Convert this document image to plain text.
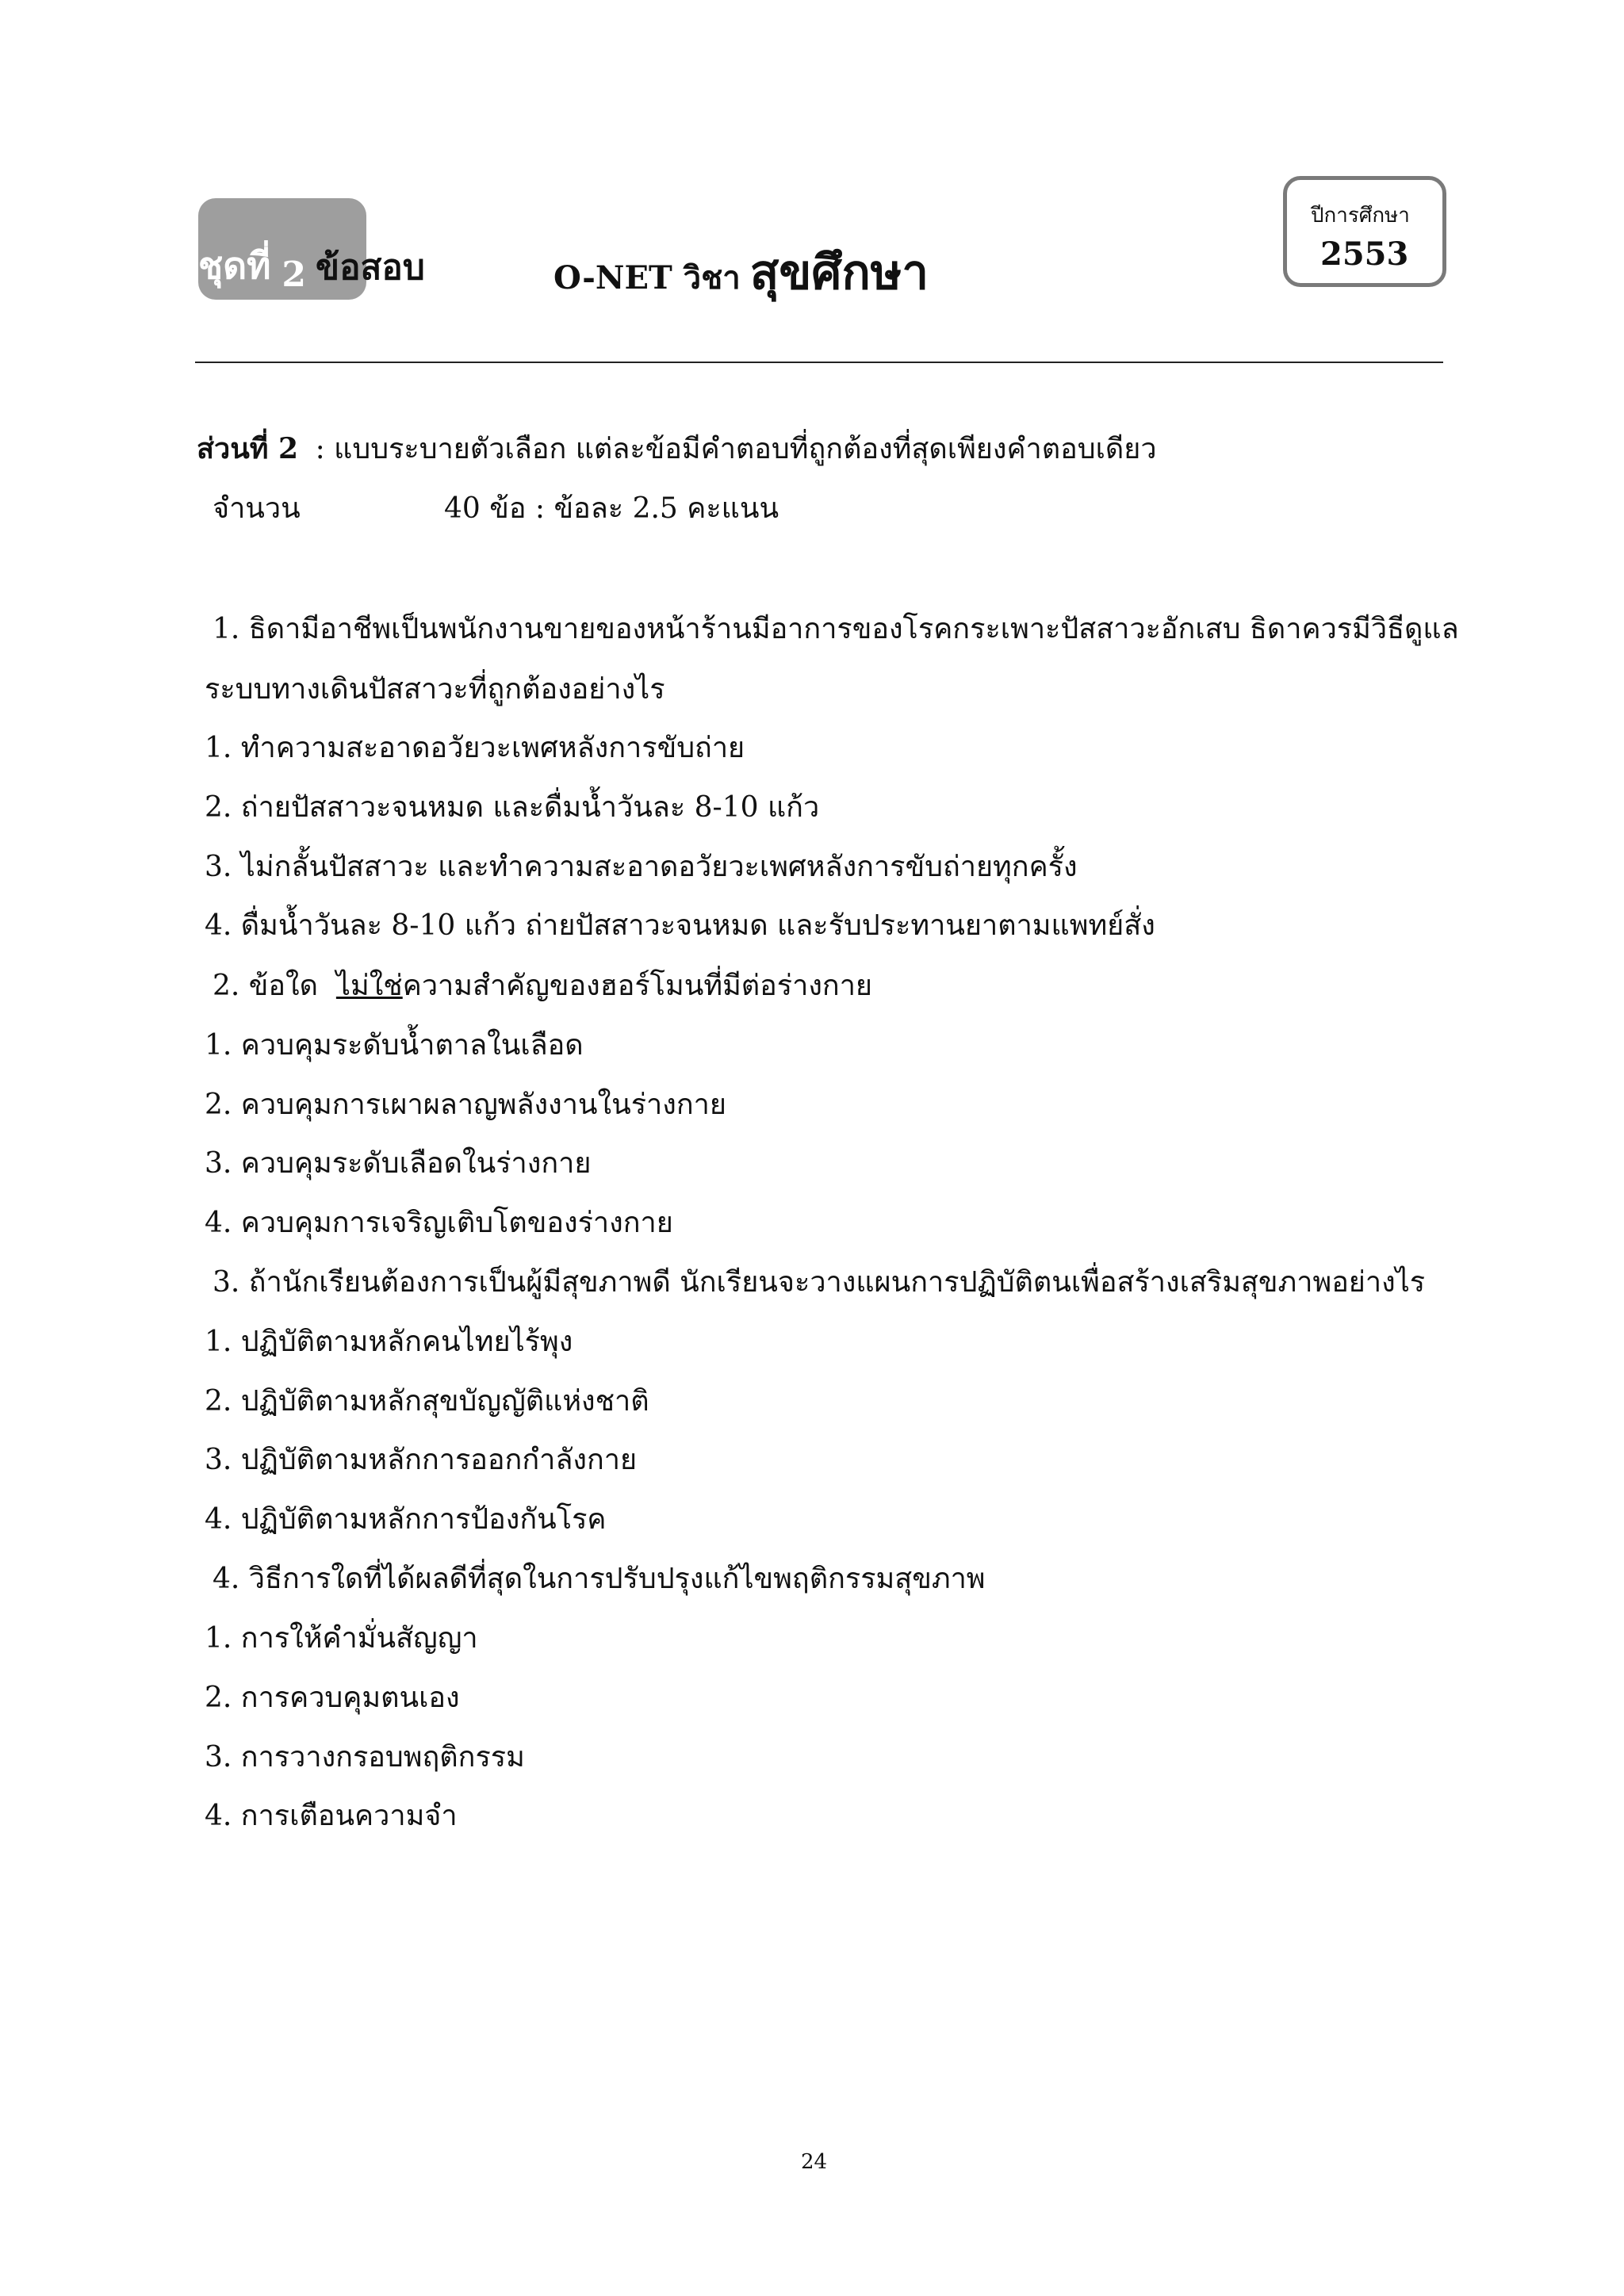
ชุดที่ 2 ข้อสอบ	O-NET วิชา สุขศึกษา
ปีการศึกษา
2553
ส่วนที่ 2 : แบบระบายตัวเลือก แต่ละข้อมีคำตอบที่ถูกต้องที่สุดเพียงคำตอบเดียว
จำนวน	40 ข้อ : ข้อละ 2.5 คะแนน
1. ธิดามีอาชีพเป็นพนักงานขายของหน้าร้านมีอาการของโรคกระเพาะปัสสาวะอักเสบ ธิดาควรมีวิธีดูแล
ระบบทางเดินปัสสาวะที่ถูกต้องอย่างไร
1. ทำความสะอาดอวัยวะเพศหลังการขับถ่าย
2. ถ่ายปัสสาวะจนหมด และดื่มน้ำวันละ 8-10 แก้ว
3. ไม่กลั้นปัสสาวะ และทำความสะอาดอวัยวะเพศหลังการขับถ่ายทุกครั้ง
4. ดื่มน้ำวันละ 8-10 แก้ว ถ่ายปัสสาวะจนหมด และรับประทานยาตามแพทย์สั่ง
2. ข้อใด  ไม่ใช่ความสำคัญของฮอร์โมนที่มีต่อร่างกาย
1. ควบคุมระดับน้ำตาลในเลือด
2. ควบคุมการเผาผลาญพลังงานในร่างกาย
3. ควบคุมระดับเลือดในร่างกาย
4. ควบคุมการเจริญเติบโตของร่างกาย
3. ถ้านักเรียนต้องการเป็นผู้มีสุขภาพดี นักเรียนจะวางแผนการปฏิบัติตนเพื่อสร้างเสริมสุขภาพอย่างไร
1. ปฏิบัติตามหลักคนไทยไร้พุง
2. ปฏิบัติตามหลักสุขบัญญัติแห่งชาติ
3. ปฏิบัติตามหลักการออกกำลังกาย
4. ปฏิบัติตามหลักการป้องกันโรค
4. วิธีการใดที่ได้ผลดีที่สุดในการปรับปรุงแก้ไขพฤติกรรมสุขภาพ
1. การให้คำมั่นสัญญา
2. การควบคุมตนเอง
3. การวางกรอบพฤติกรรม
4. การเตือนความจำ
24
